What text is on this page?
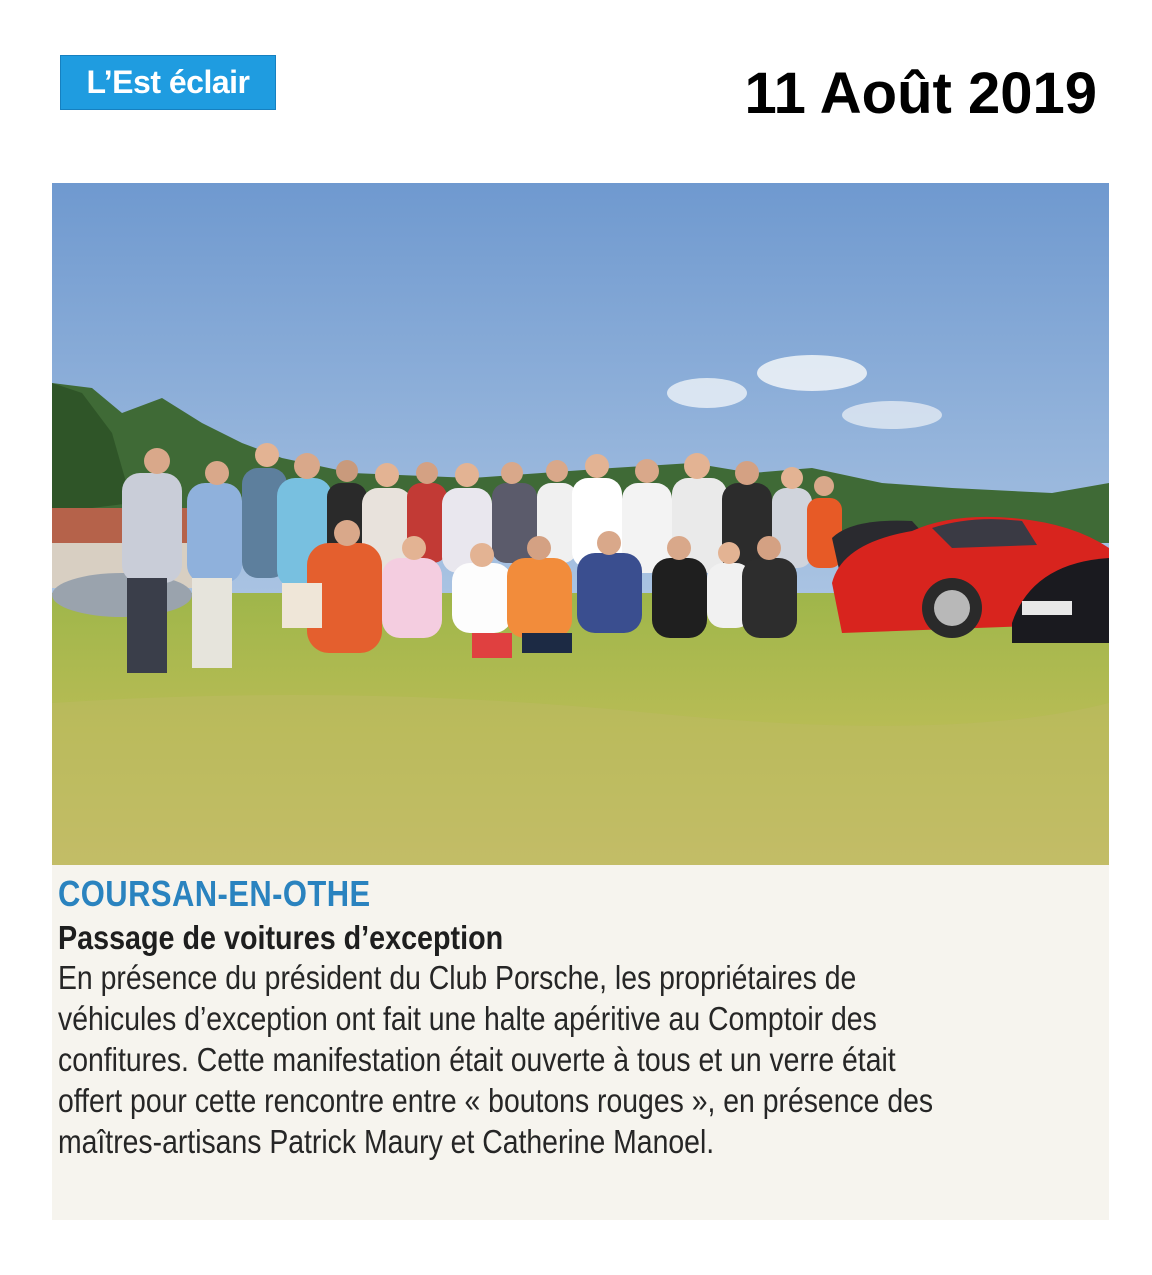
L’Est éclair	11 Août 2019
COURSAN-EN-OTHE
Passage de voitures d’exception
En présence du président du Club Porsche, les propriétaires de
véhicules d’exception ont fait une halte apéritive au Comptoir des
confitures. Cette manifestation était ouverte à tous et un verre était
offert pour cette rencontre entre « boutons rouges », en présence des
maîtres-artisans Patrick Maury et Catherine Manoel.
